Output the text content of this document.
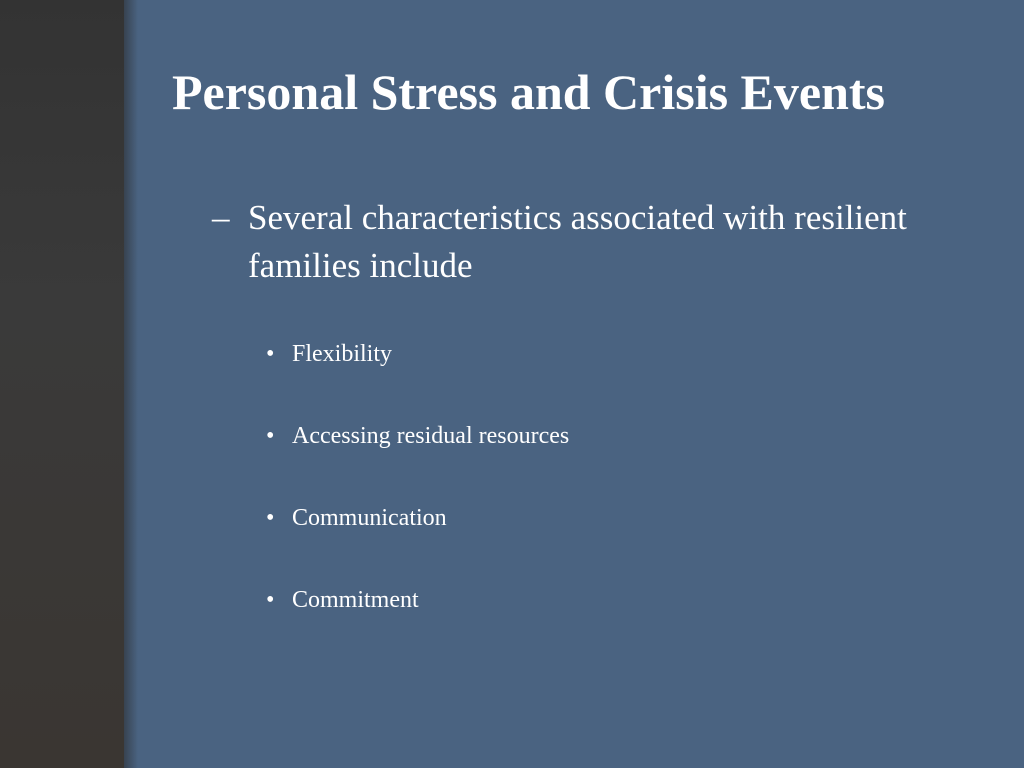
Personal Stress and Crisis Events
– Several characteristics associated with resilient families include
• Flexibility
• Accessing residual resources
• Communication
• Commitment
